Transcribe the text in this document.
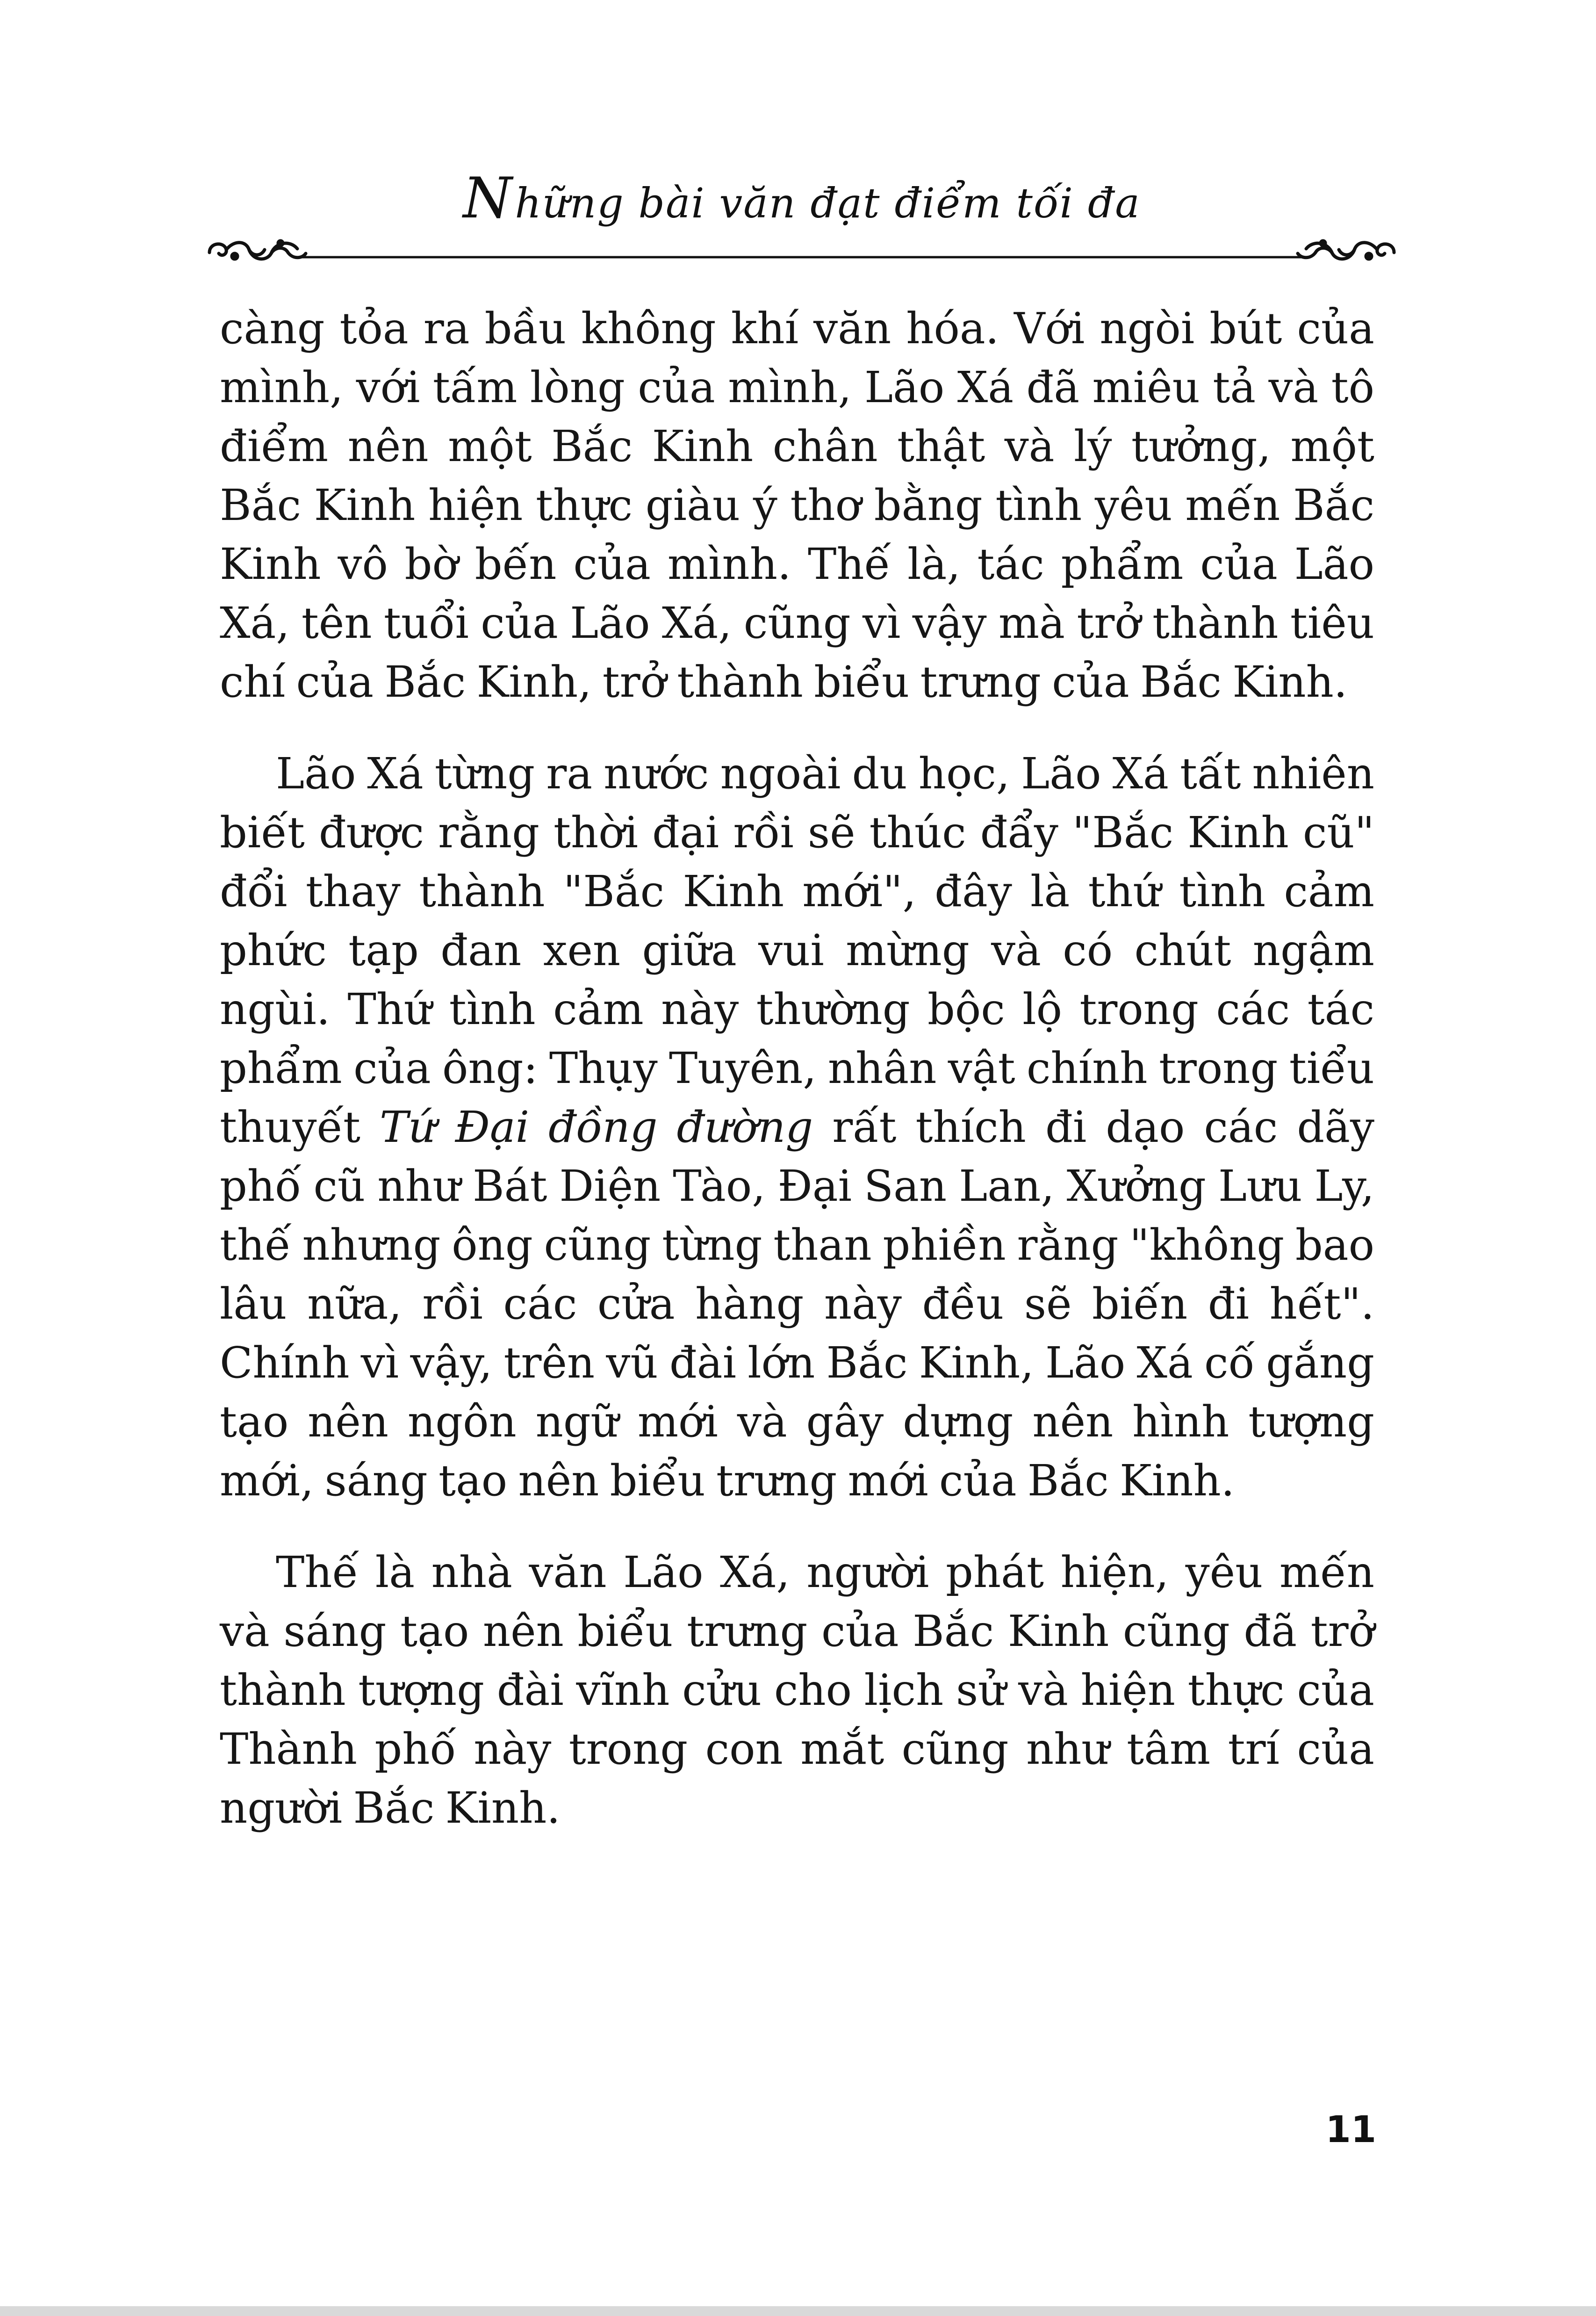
Những bài văn đạt điểm tối đa

càng tỏa ra bầu không khí văn hóa. Với ngòi bút của mình, với tấm lòng của mình, Lão Xá đã miêu tả và tô điểm nên một Bắc Kinh chân thật và lý tưởng, một Bắc Kinh hiện thực giàu ý thơ bằng tình yêu mến Bắc Kinh vô bờ bến của mình. Thế là, tác phẩm của Lão Xá, tên tuổi của Lão Xá, cũng vì vậy mà trở thành tiêu chí của Bắc Kinh, trở thành biểu trưng của Bắc Kinh.

Lão Xá từng ra nước ngoài du học, Lão Xá tất nhiên biết được rằng thời đại rồi sẽ thúc đẩy "Bắc Kinh cũ" đổi thay thành "Bắc Kinh mới", đây là thứ tình cảm phức tạp đan xen giữa vui mừng và có chút ngậm ngùi. Thứ tình cảm này thường bộc lộ trong các tác phẩm của ông: Thụy Tuyên, nhân vật chính trong tiểu thuyết Tứ Đại đồng đường rất thích đi dạo các dãy phố cũ như Bát Diện Tào, Đại San Lan, Xưởng Lưu Ly, thế nhưng ông cũng từng than phiền rằng "không bao lâu nữa, rồi các cửa hàng này đều sẽ biến đi hết". Chính vì vậy, trên vũ đài lớn Bắc Kinh, Lão Xá cố gắng tạo nên ngôn ngữ mới và gây dựng nên hình tượng mới, sáng tạo nên biểu trưng mới của Bắc Kinh.

Thế là nhà văn Lão Xá, người phát hiện, yêu mến và sáng tạo nên biểu trưng của Bắc Kinh cũng đã trở thành tượng đài vĩnh cửu cho lịch sử và hiện thực của Thành phố này trong con mắt cũng như tâm trí của người Bắc Kinh.

11
